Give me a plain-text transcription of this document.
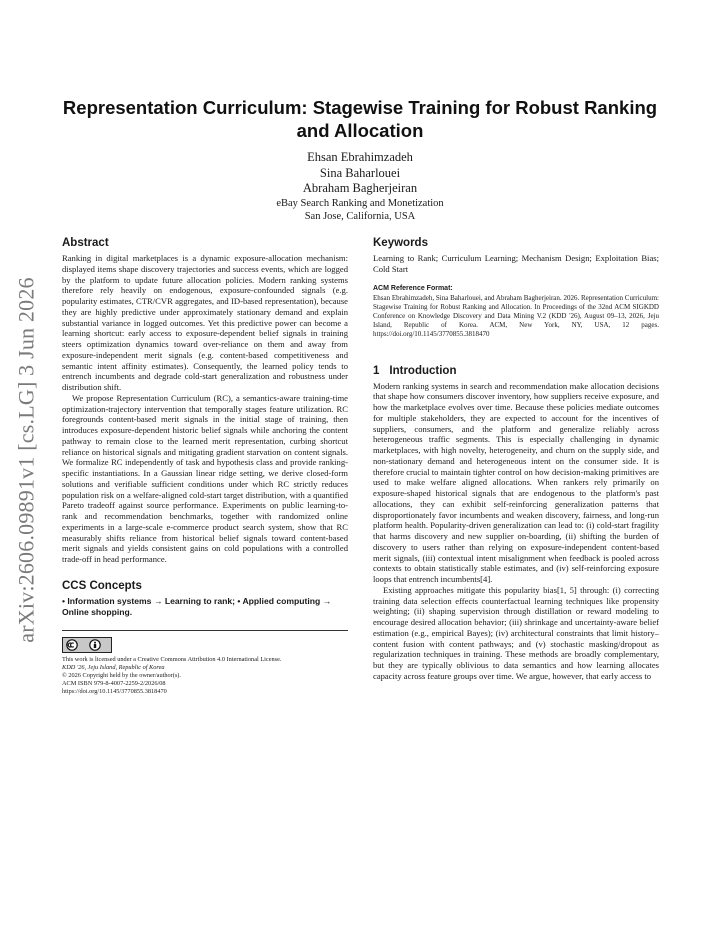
arXiv:2606.09891v1 [cs.LG] 3 Jun 2026
Representation Curriculum: Stagewise Training for Robust Ranking and Allocation
Ehsan Ebrahimzadeh
Sina Baharlouei
Abraham Bagherjeiran
eBay Search Ranking and Monetization
San Jose, California, USA
Abstract

Ranking in digital marketplaces is a dynamic exposure-allocation mechanism: displayed items shape discovery trajectories and success events, which are logged by the platform to update future allocation policies. Modern ranking systems therefore rely heavily on endogenous, exposure-confounded signals (e.g. popularity estimates, CTR/CVR aggregates, and ID-based representation), because they are highly predictive under approximately stationary demand and explain substantial variance in logged outcomes. Yet this predictive power can become a learning shortcut: early access to exposure-dependent belief signals in training steers optimization dynamics toward over-reliance on them and away from exposure-independent merit signals (e.g. content-based competitiveness and semantic intent affinity estimates). Consequently, the learned policy tends to entrench incumbents and degrade cold-start generalization and robustness under distribution shift.

We propose Representation Curriculum (RC), a semantics-aware training-time optimization-trajectory intervention that temporally stages feature utilization. RC foregrounds content-based merit signals in the initial stage of training, then introduces exposure-dependent historic belief signals while anchoring the content pathway to remain close to the learned merit representation, curbing shortcut reliance on historical signals and mitigating gradient starvation on content signals. We formalize RC independently of task and hypothesis class and provide ranking-specific instantiations. In a Gaussian linear ridge setting, we derive closed-form solutions and verifiable sufficient conditions under which RC strictly reduces population risk on a welfare-aligned cold-start target distribution, with a quantified Pareto tradeoff against source performance. Experiments on public learning-to-rank and recommendation benchmarks, together with randomized online experiments in a large-scale e-commerce product search system, show that RC measurably shifts reliance from historical belief signals toward content-based merit signals and yields consistent gains on cold populations with a controlled trade-off in head performance.

CCS Concepts
• Information systems → Learning to rank; • Applied computing → Online shopping.
This work is licensed under a Creative Commons Attribution 4.0 International License.
KDD '26, Jeju Island, Republic of Korea
© 2026 Copyright held by the owner/author(s).
ACM ISBN 979-8-4007-2259-2/2026/08
https://doi.org/10.1145/3770855.3818470
Keywords

Learning to Rank; Curriculum Learning; Mechanism Design; Exploitation Bias; Cold Start

ACM Reference Format:
Ehsan Ebrahimzadeh, Sina Baharlouei, and Abraham Bagherjeiran. 2026. Representation Curriculum: Stagewise Training for Robust Ranking and Allocation. In Proceedings of the 32nd ACM SIGKDD Conference on Knowledge Discovery and Data Mining V.2 (KDD '26), August 09–13, 2026, Jeju Island, Republic of Korea. ACM, New York, NY, USA, 12 pages. https://doi.org/10.1145/3770855.3818470
1 Introduction

Modern ranking systems in search and recommendation make allocation decisions that shape how consumers discover inventory, how suppliers receive exposure, and how the marketplace evolves over time. Because these policies mediate outcomes for multiple stakeholders, they are expected to account for the incentives of suppliers, consumers, and the platform and generalize reliably across heterogeneous traffic segments. This is especially challenging in dynamic marketplaces, with high novelty, heterogeneity, and churn on the supply side, and non-stationary demand and heterogeneous intent on the consumer side. It is therefore crucial to maintain tighter control on how decision-making primitives are used to make welfare aligned allocations. When rankers rely primarily on exposure-shaped historical signals that are endogenous to the platform's past allocations, they can exhibit self-reinforcing generalization patterns that disproportionately favor incumbents and weaken discovery, fairness, and long-run platform health. Popularity-driven generalization can lead to: (i) cold-start fragility that harms discovery and new supplier on-boarding, (ii) shifting the burden of discovery to users rather than relying on exposure-independent content-based merit signals, (iii) contextual intent misalignment when feedback is pooled across contexts to obtain statistically stable estimates, and (iv) self-reinforcing exposure loops that entrench incumbents[4].

Existing approaches mitigate this popularity bias[1, 5] through: (i) correcting training data selection effects counterfactual learning techniques like propensity weighting; (ii) shaping supervision through distillation or reward modeling to encourage desired allocation behavior; (iii) shrinkage and uncertainty-aware belief estimation (e.g., empirical Bayes); (iv) architectural constraints that limit history–content fusion with content pathways; and (v) stochastic masking/dropout as regularization techniques in training. These methods are broadly complementary, but they are typically oblivious to data semantics and how learning allocates capacity across feature groups over time. We argue, however, that early access to
